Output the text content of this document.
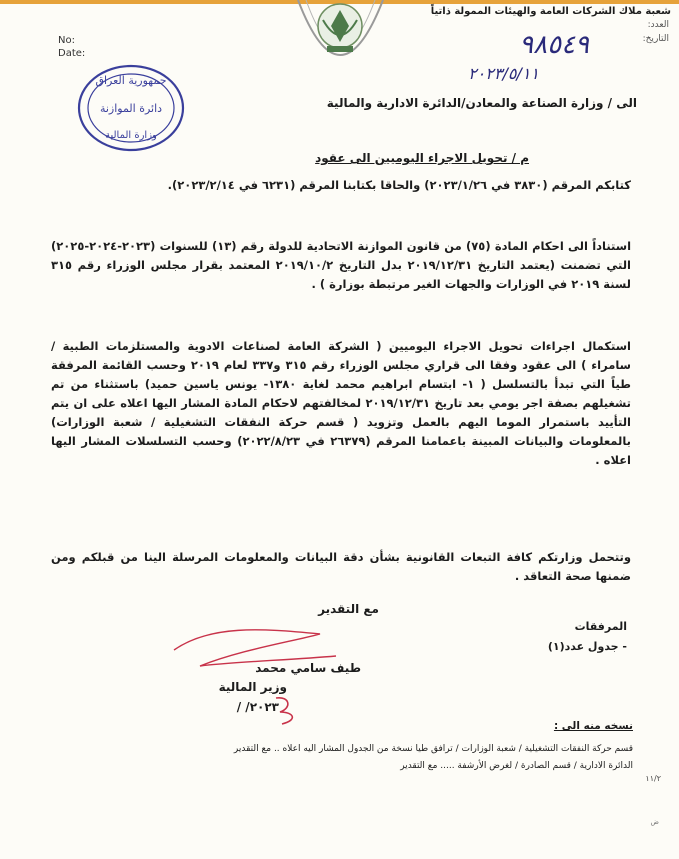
شعبة ملاك الشركات العامة والهيئات الممولة ذاتياً
العدد:
التاريخ:
٩٨٥٤٩
٢٠٢٣/٥/١١
No:
Date:
جمهورية العراق
دائرة الموازنة
وزارة المالية
الى / وزارة الصناعة والمعادن/الدائرة الادارية والمالية
م / تحويل الاجراء اليوميين الى عقود
كتابكم المرقم (٣٨٣٠ في ٢٠٢٣/١/٢٦) والحاقا بكتابنا المرقم (٦٢٣١ في ٢٠٢٣/٢/١٤).
استناداً الى احكام المادة (٧٥) من قانون الموازنة الاتحادية للدولة رقم (١٣) للسنوات (٢٠٢٣-٢٠٢٤-٢٠٢٥) التي تضمنت (يعتمد التاريخ ٢٠١٩/١٢/٣١ بدل التاريخ ٢٠١٩/١٠/٢ المعتمد بقرار مجلس الوزراء رقم ٣١٥ لسنة ٢٠١٩ في الوزارات والجهات الغير مرتبطة بوزارة ) .
استكمال اجراءات تحويل الاجراء اليوميين ( الشركة العامة لصناعات الادوية والمستلزمات الطبية / سامراء ) الى عقود وفقا الى قراري مجلس الوزراء رقم ٣١٥ و٣٣٧ لعام ٢٠١٩ وحسب القائمة المرفقة طياً التي تبدأ بالتسلسل ( ١- ابتسام ابراهيم محمد لغاية ١٣٨٠- يونس ياسين حميد) باستثناء من تم تشغيلهم بصفة اجر يومي بعد تاريخ ٢٠١٩/١٢/٣١ لمخالفتهم لاحكام المادة المشار اليها اعلاه على ان يتم التأييد باستمرار الموما اليهم بالعمل وتزويد ( قسم حركة النفقات التشغيلية / شعبة الوزارات) بالمعلومات والبيانات المبينة باعمامنا المرقم (٢٦٣٧٩ في ٢٠٢٢/٨/٢٣) وحسب التسلسلات المشار اليها اعلاه .
وتتحمل وزارتكم كافة التبعات القانونية بشأن دقة البيانات والمعلومات المرسلة الينا من قبلكم ومن ضمنها صحة التعاقد .
مع التقدير
المرفقات
- جدول عدد(١)
طيف سامي محمد
وزير المالية
٢٠٢٣/ /
نسخه منه الى :
قسم حركة النفقات التشغيلية / شعبة الوزارات / ترافق طيا نسخة من الجدول المشار اليه اعلاه .. مع التقدير
الدائرة الادارية / قسم الصادرة / لغرض الأرشفة ..... مع التقدير
١١/٢
ض
